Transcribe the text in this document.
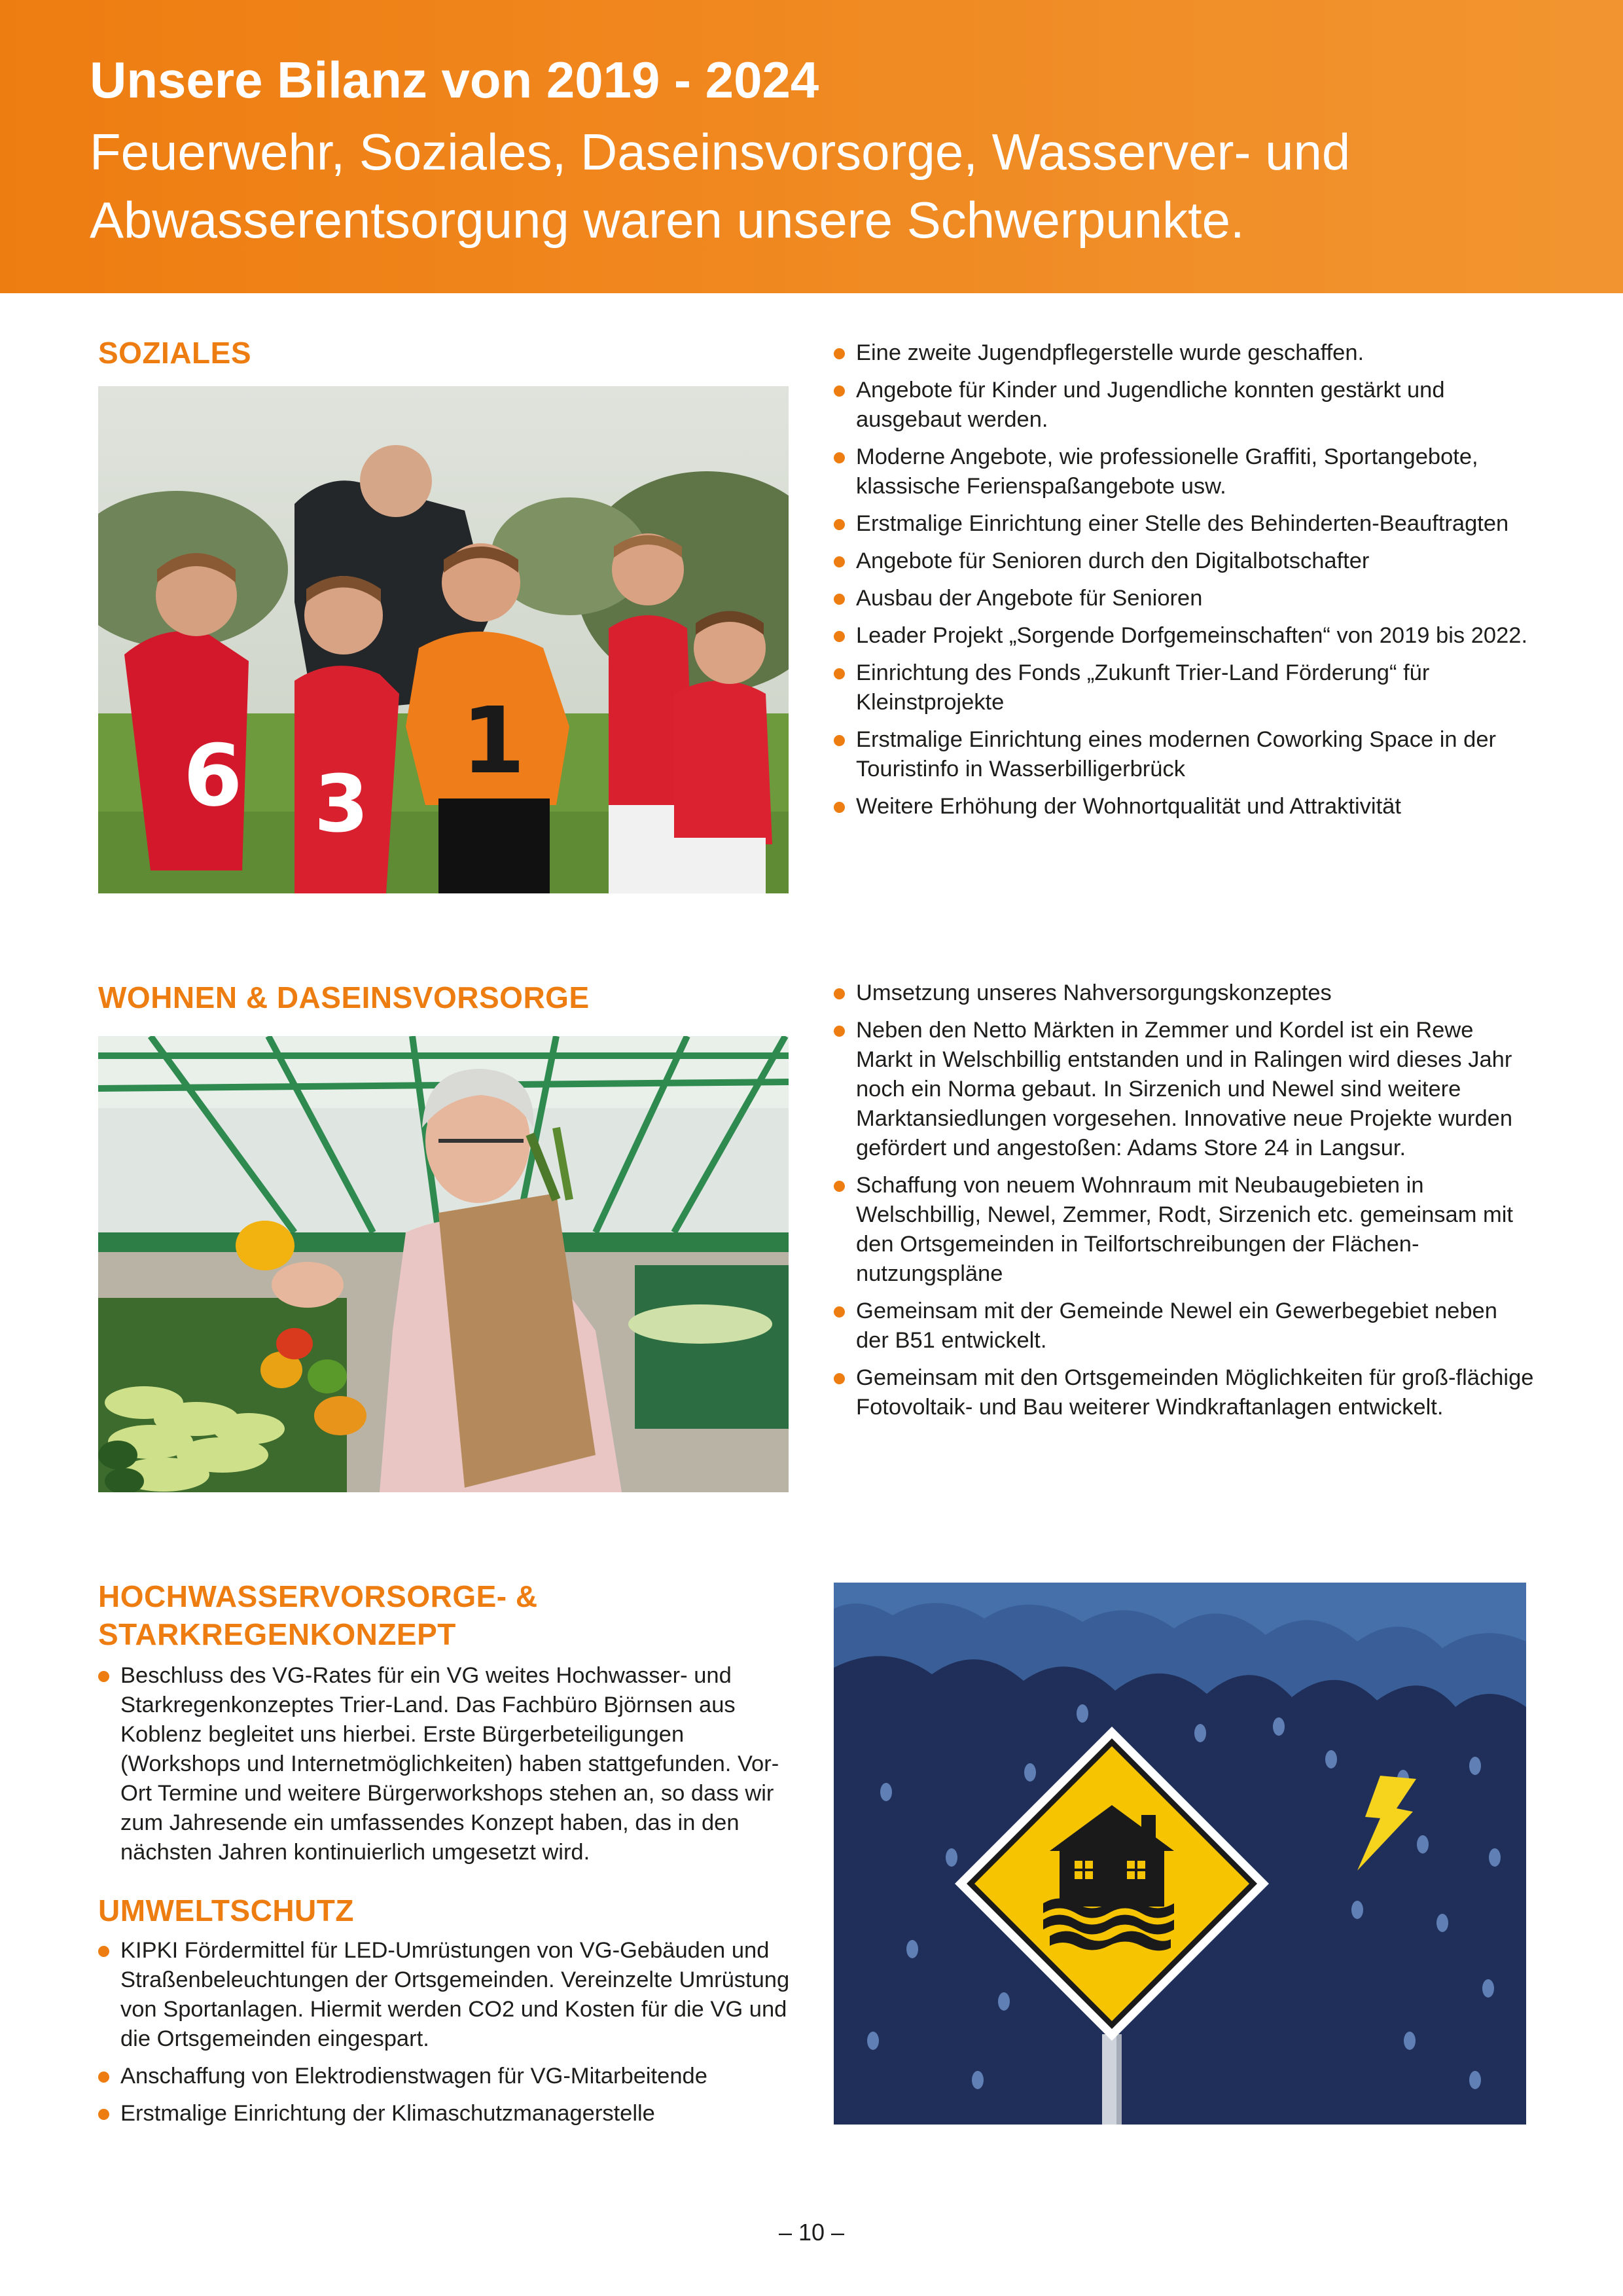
Unsere Bilanz von 2019 - 2024
Feuerwehr, Soziales, Daseinsvorsorge, Wasserver- und Abwasserentsorgung waren unsere Schwerpunkte.
SOZIALES
6 3
1
Eine zweite Jugendpflegerstelle wurde geschaffen.
Angebote für Kinder und Jugendliche konnten gestärkt und ausgebaut werden.
Moderne Angebote, wie professionelle Graffiti, Sportangebote, klassische Ferienspaßangebote usw.
Erstmalige Einrichtung einer Stelle des Behinderten-Beauftragten
Angebote für Senioren durch den Digitalbotschafter
Ausbau der Angebote für Senioren
Leader Projekt „Sorgende Dorfgemeinschaften“ von 2019 bis 2022.
Einrichtung des Fonds „Zukunft Trier-Land Förderung“ für Kleinstprojekte
Erstmalige Einrichtung eines modernen Coworking Space in der Touristinfo in Wasserbilligerbrück
Weitere Erhöhung der Wohnortqualität und Attraktivität
WOHNEN & DASEINSVORSORGE	Umsetzung unseres Nahversorgungskonzeptes
Neben den Netto Märkten in Zemmer und Kordel ist ein Rewe Markt in Welschbillig entstanden und in Ralingen wird dieses Jahr noch ein Norma gebaut. In Sirzenich und Newel sind weitere Marktansiedlungen vorgesehen. Innovative neue Projekte wurden gefördert und angestoßen: Adams Store 24 in Langsur.
Schaffung von neuem Wohnraum mit Neubaugebieten in Welschbillig, Newel, Zemmer, Rodt, Sirzenich etc. gemeinsam mit den Ortsgemeinden in Teilfortschreibungen der Flächen-nutzungspläne
Gemeinsam mit der Gemeinde Newel ein Gewerbegebiet neben der B51 entwickelt.
Gemeinsam mit den Ortsgemeinden Möglichkeiten für groß-flächige Fotovoltaik- und Bau weiterer Windkraftanlagen entwickelt.
HOCHWASSERVORSORGE- &
STARKREGENKONZEPT
Beschluss des VG-Rates für ein VG weites Hochwasser- und Starkregenkonzeptes Trier-Land. Das Fachbüro Björnsen aus Koblenz begleitet uns hierbei. Erste Bürgerbeteiligungen (Workshops und Internetmöglichkeiten) haben stattgefunden. Vor-Ort Termine und weitere Bürgerworkshops stehen an, so dass wir zum Jahresende ein umfassendes Konzept haben, das in den nächsten Jahren kontinuierlich umgesetzt wird.
UMWELTSCHUTZ
KIPKI Fördermittel für LED-Umrüstungen von VG-Gebäuden und Straßenbeleuchtungen der Ortsgemeinden. Vereinzelte Umrüstung von Sportanlagen. Hiermit werden CO2 und Kosten für die VG und die Ortsgemeinden eingespart.
Anschaffung von Elektrodienstwagen für VG-Mitarbeitende
Erstmalige Einrichtung der Klimaschutzmanagerstelle
– 10 –
